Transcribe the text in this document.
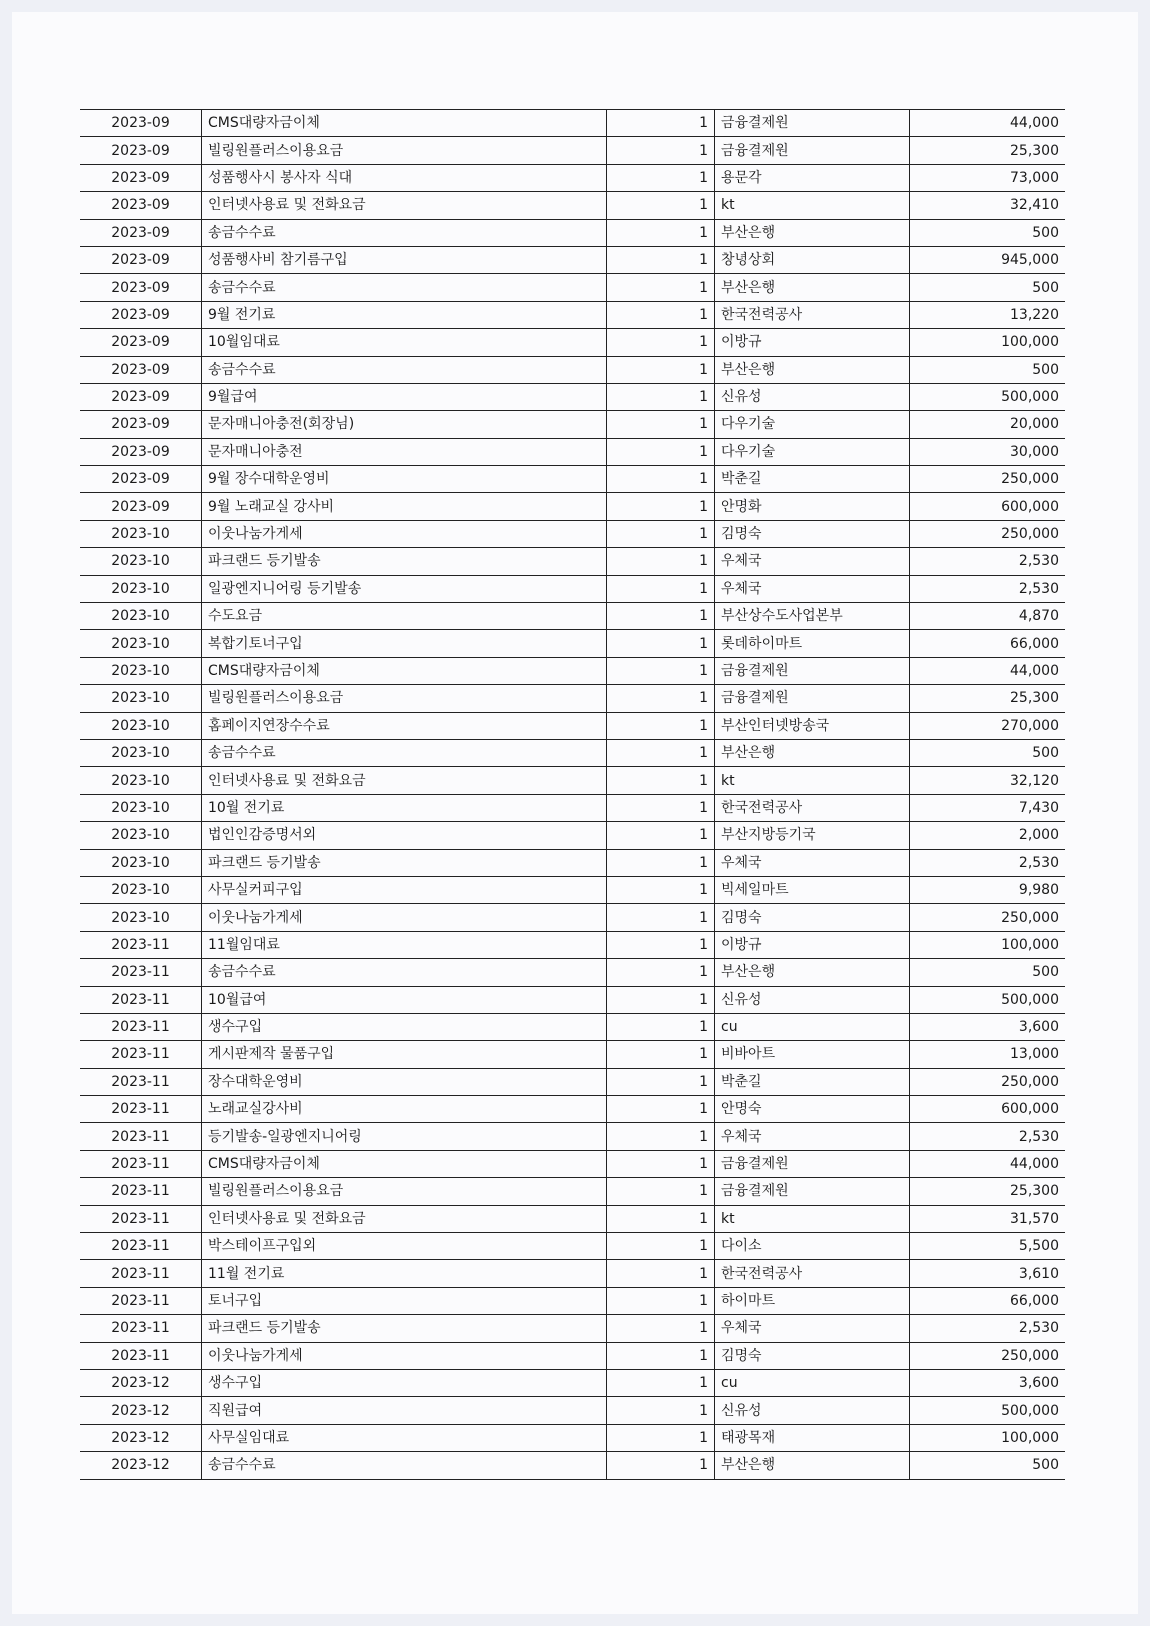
2023-09	CMS대량자금이체	1	금융결제원	44,000
2023-09	빌링원플러스이용요금	1	금융결제원	25,300
2023-09	성품행사시 봉사자 식대	1	용문각	73,000
2023-09	인터넷사용료 및 전화요금	1	kt	32,410
2023-09	송금수수료	1	부산은행	500
2023-09	성품행사비 참기름구입	1	창녕상회	945,000
2023-09	송금수수료	1	부산은행	500
2023-09	9월 전기료	1	한국전력공사	13,220
2023-09	10월임대료	1	이방규	100,000
2023-09	송금수수료	1	부산은행	500
2023-09	9월급여	1	신유성	500,000
2023-09	문자매니아충전(회장님)	1	다우기술	20,000
2023-09	문자매니아충전	1	다우기술	30,000
2023-09	9월 장수대학운영비	1	박춘길	250,000
2023-09	9월 노래교실 강사비	1	안명화	600,000
2023-10	이웃나눔가게세	1	김명숙	250,000
2023-10	파크랜드 등기발송	1	우체국	2,530
2023-10	일광엔지니어링 등기발송	1	우체국	2,530
2023-10	수도요금	1	부산상수도사업본부	4,870
2023-10	복합기토너구입	1	롯데하이마트	66,000
2023-10	CMS대량자금이체	1	금융결제원	44,000
2023-10	빌링원플러스이용요금	1	금융결제원	25,300
2023-10	홈페이지연장수수료	1	부산인터넷방송국	270,000
2023-10	송금수수료	1	부산은행	500
2023-10	인터넷사용료 및 전화요금	1	kt	32,120
2023-10	10월 전기료	1	한국전력공사	7,430
2023-10	법인인감증명서외	1	부산지방등기국	2,000
2023-10	파크랜드 등기발송	1	우체국	2,530
2023-10	사무실커피구입	1	빅세일마트	9,980
2023-10	이웃나눔가게세	1	김명숙	250,000
2023-11	11월임대료	1	이방규	100,000
2023-11	송금수수료	1	부산은행	500
2023-11	10월급여	1	신유성	500,000
2023-11	생수구입	1	cu	3,600
2023-11	게시판제작 물품구입	1	비바아트	13,000
2023-11	장수대학운영비	1	박춘길	250,000
2023-11	노래교실강사비	1	안명숙	600,000
2023-11	등기발송-일광엔지니어링	1	우체국	2,530
2023-11	CMS대량자금이체	1	금융결제원	44,000
2023-11	빌링원플러스이용요금	1	금융결제원	25,300
2023-11	인터넷사용료 및 전화요금	1	kt	31,570
2023-11	박스테이프구입외	1	다이소	5,500
2023-11	11월 전기료	1	한국전력공사	3,610
2023-11	토너구입	1	하이마트	66,000
2023-11	파크랜드 등기발송	1	우체국	2,530
2023-11	이웃나눔가게세	1	김명숙	250,000
2023-12	생수구입	1	cu	3,600
2023-12	직원급여	1	신유성	500,000
2023-12	사무실임대료	1	태광목재	100,000
2023-12	송금수수료	1	부산은행	500
